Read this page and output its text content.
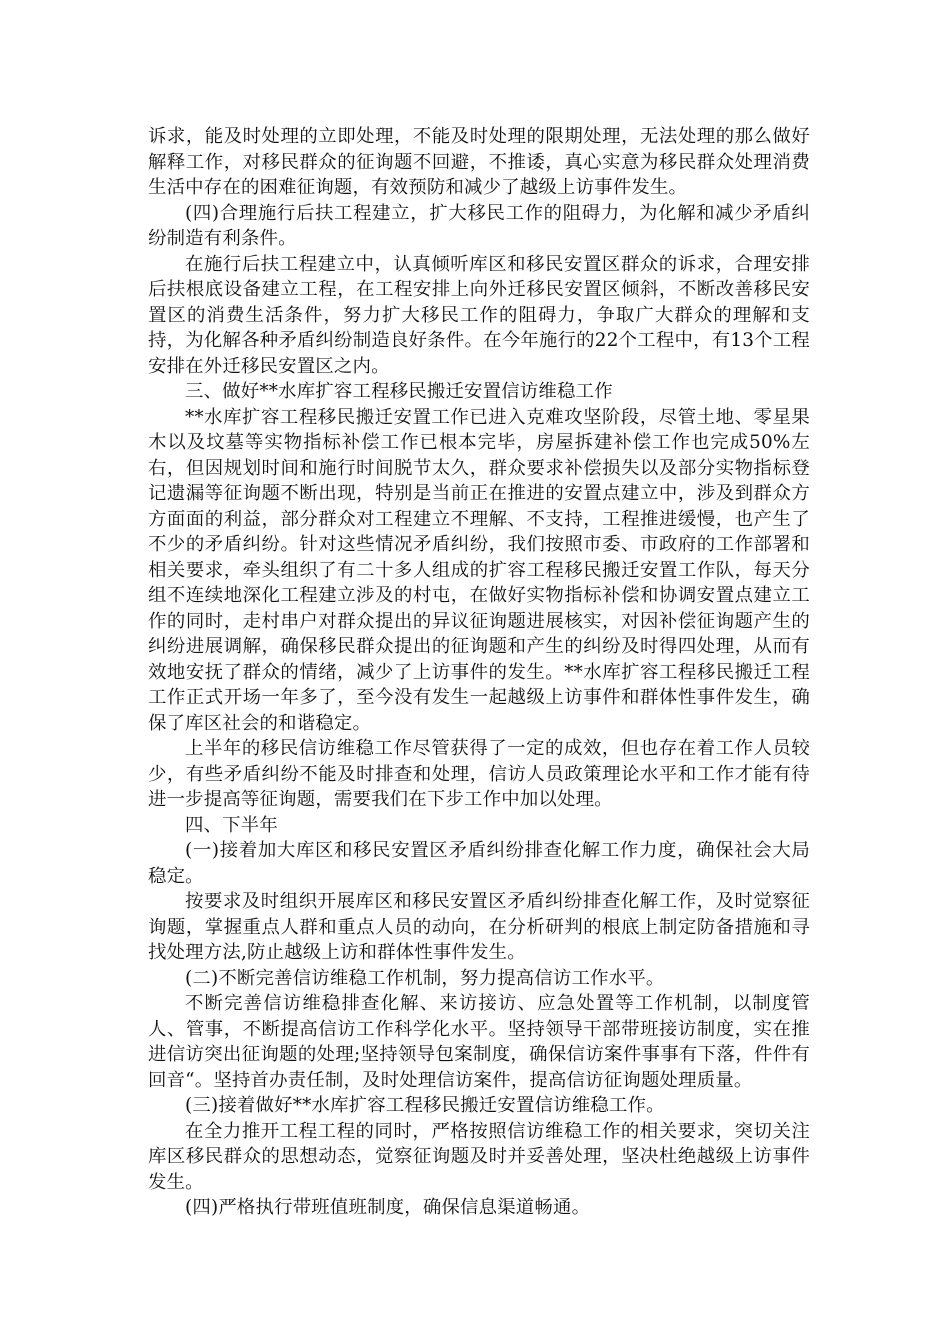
诉求，能及时处理的立即处理，不能及时处理的限期处理，无法处理的那么做好解释工作，对移民群众的征询题不回避，不推诿，真心实意为移民群众处理消费生活中存在的困难征询题，有效预防和减少了越级上访事件发生。

(四)合理施行后扶工程建立，扩大移民工作的阻碍力，为化解和减少矛盾纠纷制造有利条件。

在施行后扶工程建立中，认真倾听库区和移民安置区群众的诉求，合理安排后扶根底设备建立工程，在工程安排上向外迁移民安置区倾斜，不断改善移民安置区的消费生活条件，努力扩大移民工作的阻碍力，争取广大群众的理解和支持，为化解各种矛盾纠纷制造良好条件。在今年施行的22个工程中，有13个工程安排在外迁移民安置区之内。

三、做好**水库扩容工程移民搬迁安置信访维稳工作

**水库扩容工程移民搬迁安置工作已进入克难攻坚阶段，尽管土地、零星果木以及坟墓等实物指标补偿工作已根本完毕，房屋拆建补偿工作也完成50%左右，但因规划时间和施行时间脱节太久，群众要求补偿损失以及部分实物指标登记遗漏等征询题不断出现，特别是当前正在推进的安置点建立中，涉及到群众方方面面的利益，部分群众对工程建立不理解、不支持，工程推进缓慢，也产生了不少的矛盾纠纷。针对这些情况矛盾纠纷，我们按照市委、市政府的工作部署和相关要求，牵头组织了有二十多人组成的扩容工程移民搬迁安置工作队，每天分组不连续地深化工程建立涉及的村屯，在做好实物指标补偿和协调安置点建立工作的同时，走村串户对群众提出的异议征询题进展核实，对因补偿征询题产生的纠纷进展调解，确保移民群众提出的征询题和产生的纠纷及时得四处理，从而有效地安抚了群众的情绪，减少了上访事件的发生。**水库扩容工程移民搬迁工程工作正式开场一年多了，至今没有发生一起越级上访事件和群体性事件发生，确保了库区社会的和谐稳定。

上半年的移民信访维稳工作尽管获得了一定的成效，但也存在着工作人员较少，有些矛盾纠纷不能及时排查和处理，信访人员政策理论水平和工作才能有待进一步提高等征询题，需要我们在下步工作中加以处理。

四、下半年

(一)接着加大库区和移民安置区矛盾纠纷排查化解工作力度，确保社会大局稳定。

按要求及时组织开展库区和移民安置区矛盾纠纷排查化解工作，及时觉察征询题，掌握重点人群和重点人员的动向，在分析研判的根底上制定防备措施和寻找处理方法,防止越级上访和群体性事件发生。

(二)不断完善信访维稳工作机制，努力提高信访工作水平。

不断完善信访维稳排查化解、来访接访、应急处置等工作机制，以制度管人、管事，不断提高信访工作科学化水平。坚持领导干部带班接访制度，实在推进信访突出征询题的处理;坚持领导包案制度，确保信访案件事事有下落，件件有回音“。坚持首办责任制，及时处理信访案件，提高信访征询题处理质量。

(三)接着做好**水库扩容工程移民搬迁安置信访维稳工作。

在全力推开工程工程的同时，严格按照信访维稳工作的相关要求，突切关注库区移民群众的思想动态，觉察征询题及时并妥善处理，坚决杜绝越级上访事件发生。

(四)严格执行带班值班制度，确保信息渠道畅通。
